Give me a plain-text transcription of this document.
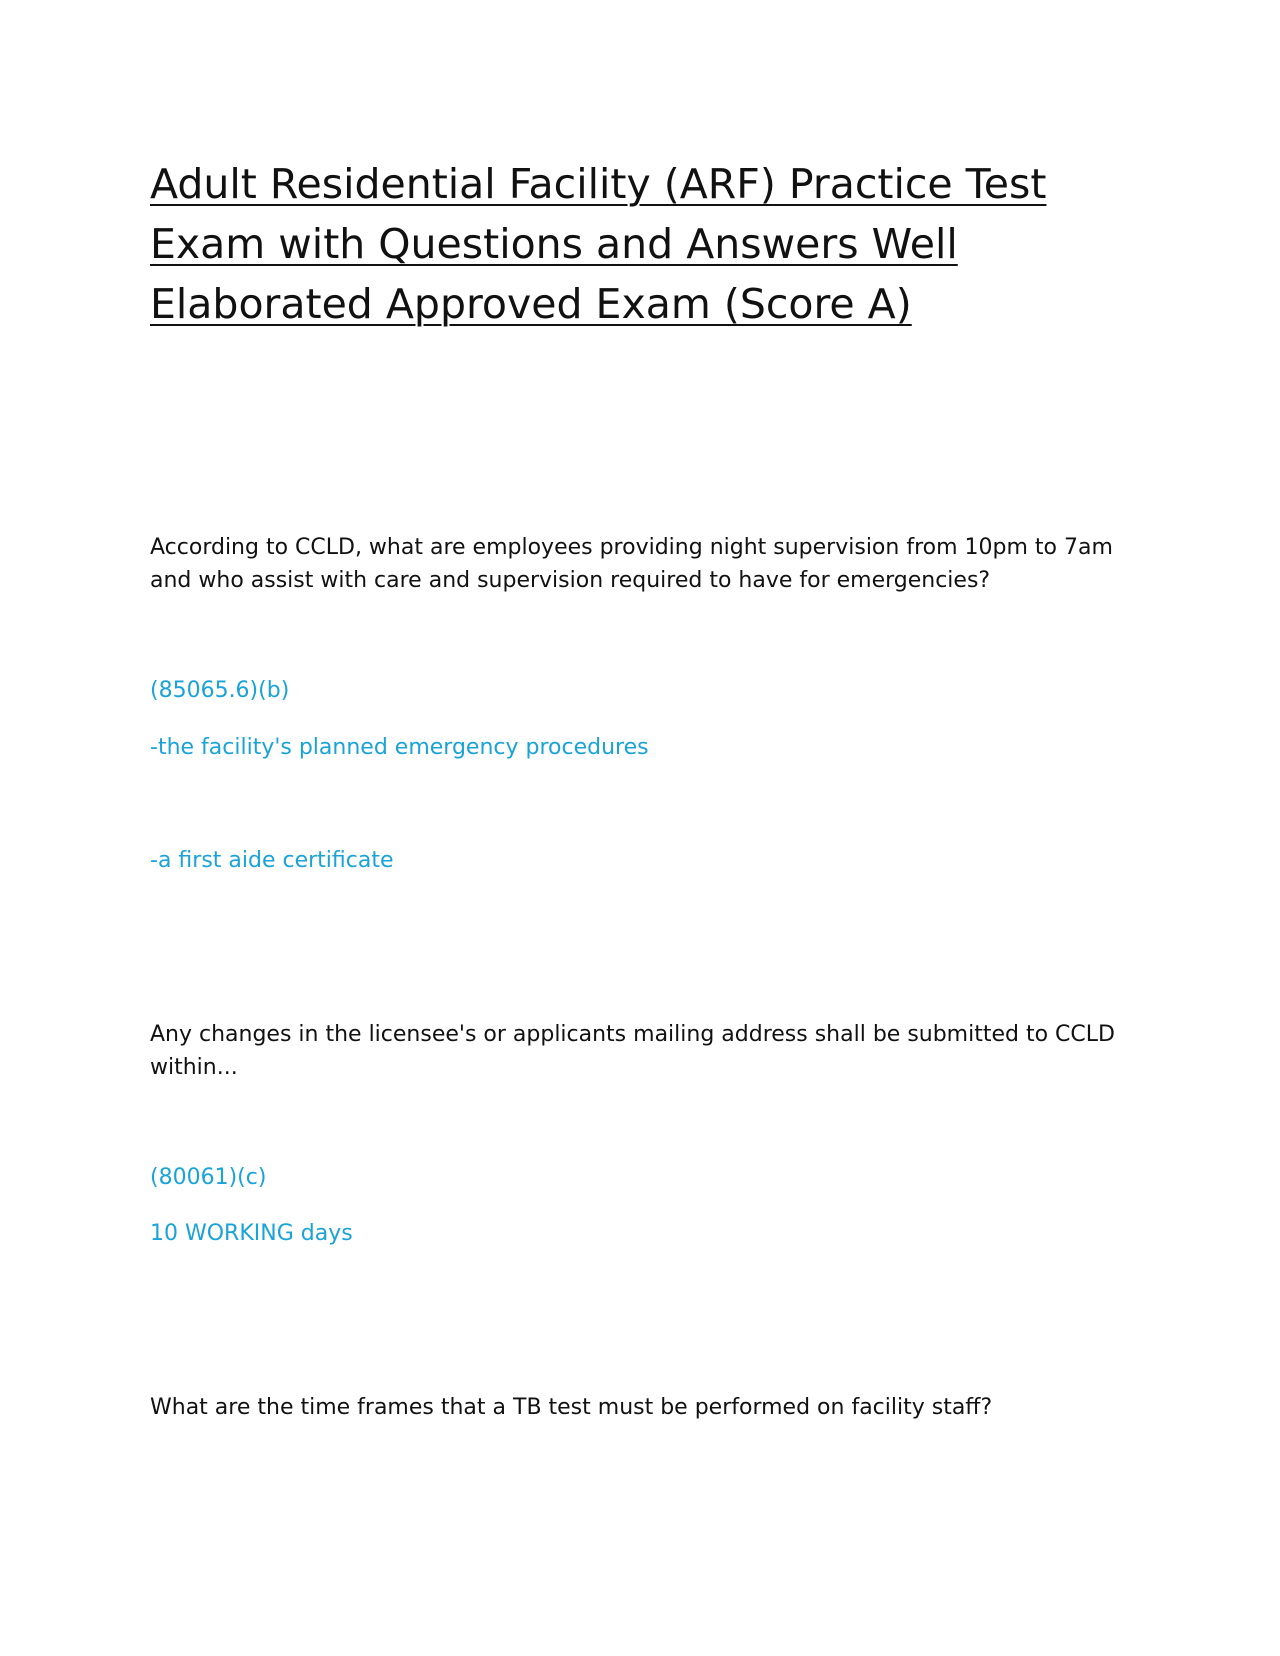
Adult Residential Facility (ARF) Practice Test Exam with Questions and Answers Well Elaborated Approved Exam (Score A)

According to CCLD, what are employees providing night supervision from 10pm to 7am and who assist with care and supervision required to have for emergencies?

(85065.6)(b)

-the facility's planned emergency procedures

-a first aide certificate

Any changes in the licensee's or applicants mailing address shall be submitted to CCLD within...

(80061)(c)

10 WORKING days

What are the time frames that a TB test must be performed on facility staff?
